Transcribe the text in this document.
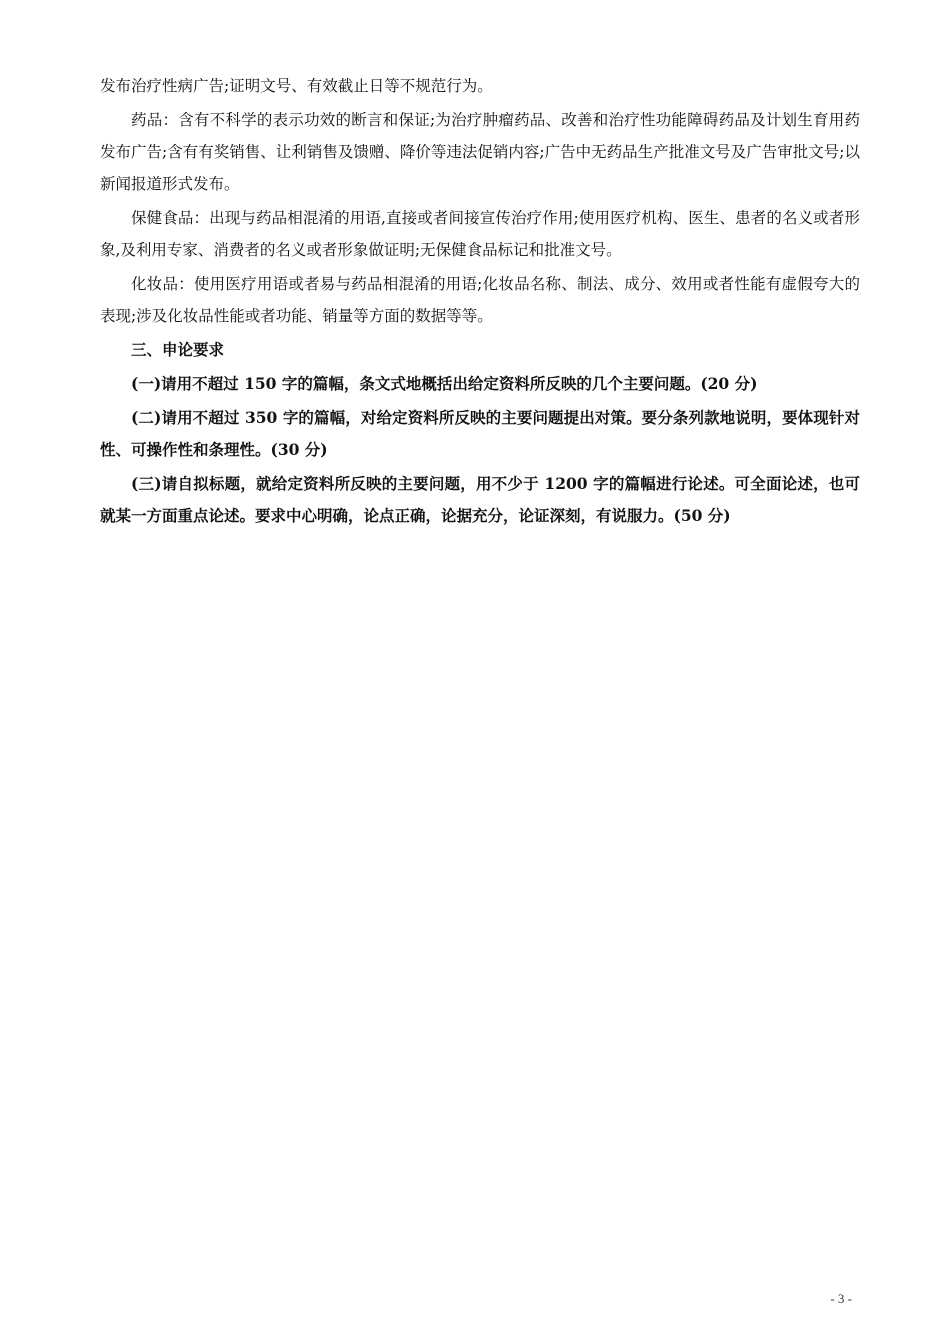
发布治疗性病广告;证明文号、有效截止日等不规范行为。

药品：含有不科学的表示功效的断言和保证;为治疗肿瘤药品、改善和治疗性功能障碍药品及计划生育用药发布广告;含有有奖销售、让利销售及馈赠、降价等违法促销内容;广告中无药品生产批准文号及广告审批文号;以新闻报道形式发布。

保健食品：出现与药品相混淆的用语,直接或者间接宣传治疗作用;使用医疗机构、医生、患者的名义或者形象,及利用专家、消费者的名义或者形象做证明;无保健食品标记和批准文号。

化妆品：使用医疗用语或者易与药品相混淆的用语;化妆品名称、制法、成分、效用或者性能有虚假夸大的表现;涉及化妆品性能或者功能、销量等方面的数据等等。

三、申论要求

(一)请用不超过 150 字的篇幅，条文式地概括出给定资料所反映的几个主要问题。(20 分)

(二)请用不超过 350 字的篇幅，对给定资料所反映的主要问题提出对策。要分条列款地说明，要体现针对性、可操作性和条理性。(30 分)

(三)请自拟标题，就给定资料所反映的主要问题，用不少于 1200 字的篇幅进行论述。可全面论述，也可就某一方面重点论述。要求中心明确，论点正确，论据充分，论证深刻，有说服力。(50 分)

- 3 -
